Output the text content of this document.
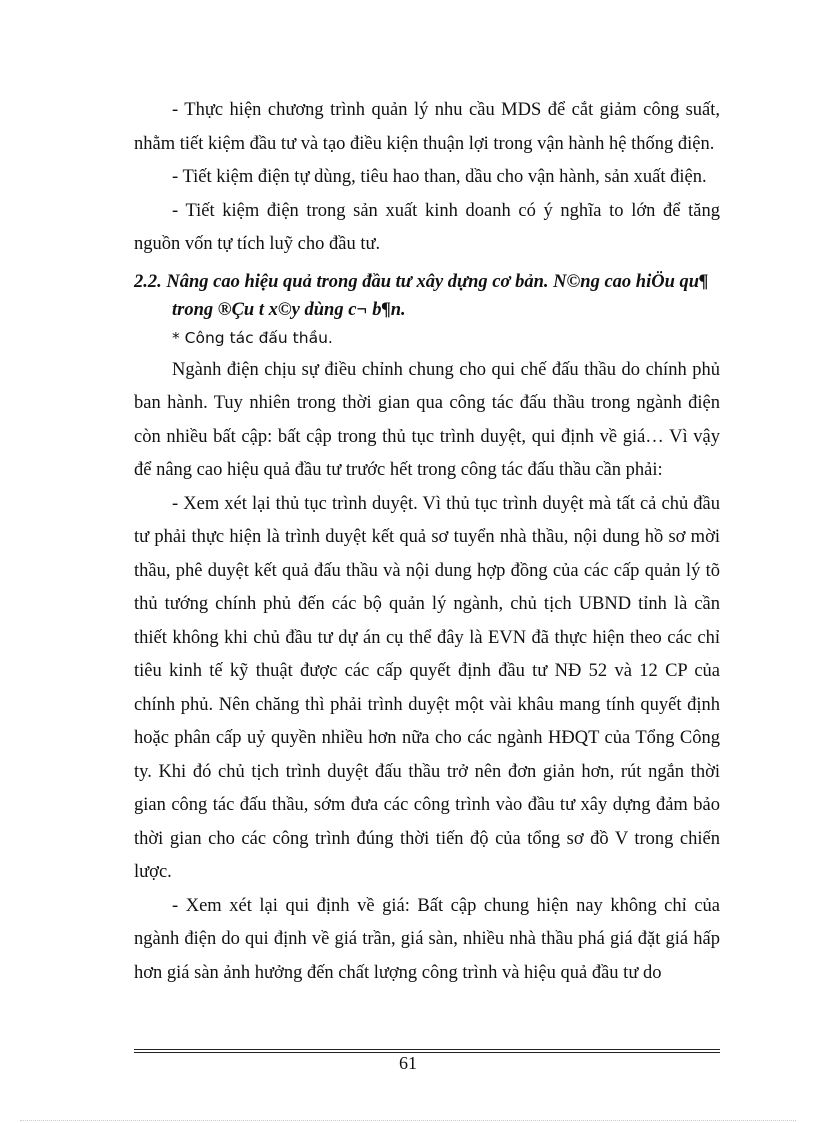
- Thực hiện chương trình quản lý nhu cầu MDS để cắt giảm công suất, nhằm tiết kiệm đầu tư và tạo điều kiện thuận lợi trong vận hành hệ thống điện.

- Tiết kiệm điện tự dùng, tiêu hao than, dầu cho vận hành, sản xuất điện.

- Tiết kiệm điện trong sản xuất kinh doanh có ý nghĩa to lớn để tăng nguồn vốn tự tích luỹ cho đầu tư.

2.2. Nâng cao hiệu quả trong đầu tư xây dựng cơ bản. N©ng cao hiÖu qu¶ trong ®Çu t x©y dùng c¬ b¶n.

* Công tác đấu thầu.

Ngành điện chịu sự điều chỉnh chung cho qui chế đấu thầu do chính phủ ban hành. Tuy nhiên trong thời gian qua công tác đấu thầu trong ngành điện còn nhiều bất cập: bất cập trong thủ tục trình duyệt, qui định về giá… Vì vậy để nâng cao hiệu quả đầu tư trước hết trong công tác đấu thầu cần phải:

- Xem xét lại thủ tục trình duyệt. Vì thủ tục trình duyệt mà tất cả chủ đầu tư phải thực hiện là trình duyệt kết quả sơ tuyển nhà thầu, nội dung hồ sơ mời thầu, phê duyệt kết quả đấu thầu và nội dung hợp đồng của các cấp quản lý tõ thủ tướng chính phủ đến các bộ quản lý ngành, chủ tịch UBND tỉnh là cần thiết không khi chủ đầu tư dự án cụ thể đây là EVN đã thực hiện theo các chỉ tiêu kinh tế kỹ thuật được các cấp quyết định đầu tư NĐ 52 và 12 CP của chính phủ. Nên chăng thì phải trình duyệt một vài khâu mang tính quyết định hoặc phân cấp uỷ quyền nhiều hơn nữa cho các ngành HĐQT của Tổng Công ty. Khi đó chủ tịch trình duyệt đấu thầu trở nên đơn giản hơn, rút ngắn thời gian công tác đấu thầu, sớm đưa các công trình vào đầu tư xây dựng đảm bảo thời gian cho các công trình đúng thời tiến độ của tổng sơ đồ V trong chiến lược.

- Xem xét lại qui định về giá: Bất cập chung hiện nay không chỉ của ngành điện do qui định về giá trần, giá sàn, nhiều nhà thầu phá giá đặt giá hấp hơn giá sàn ảnh hưởng đến chất lượng công trình và hiệu quả đầu tư do

61
